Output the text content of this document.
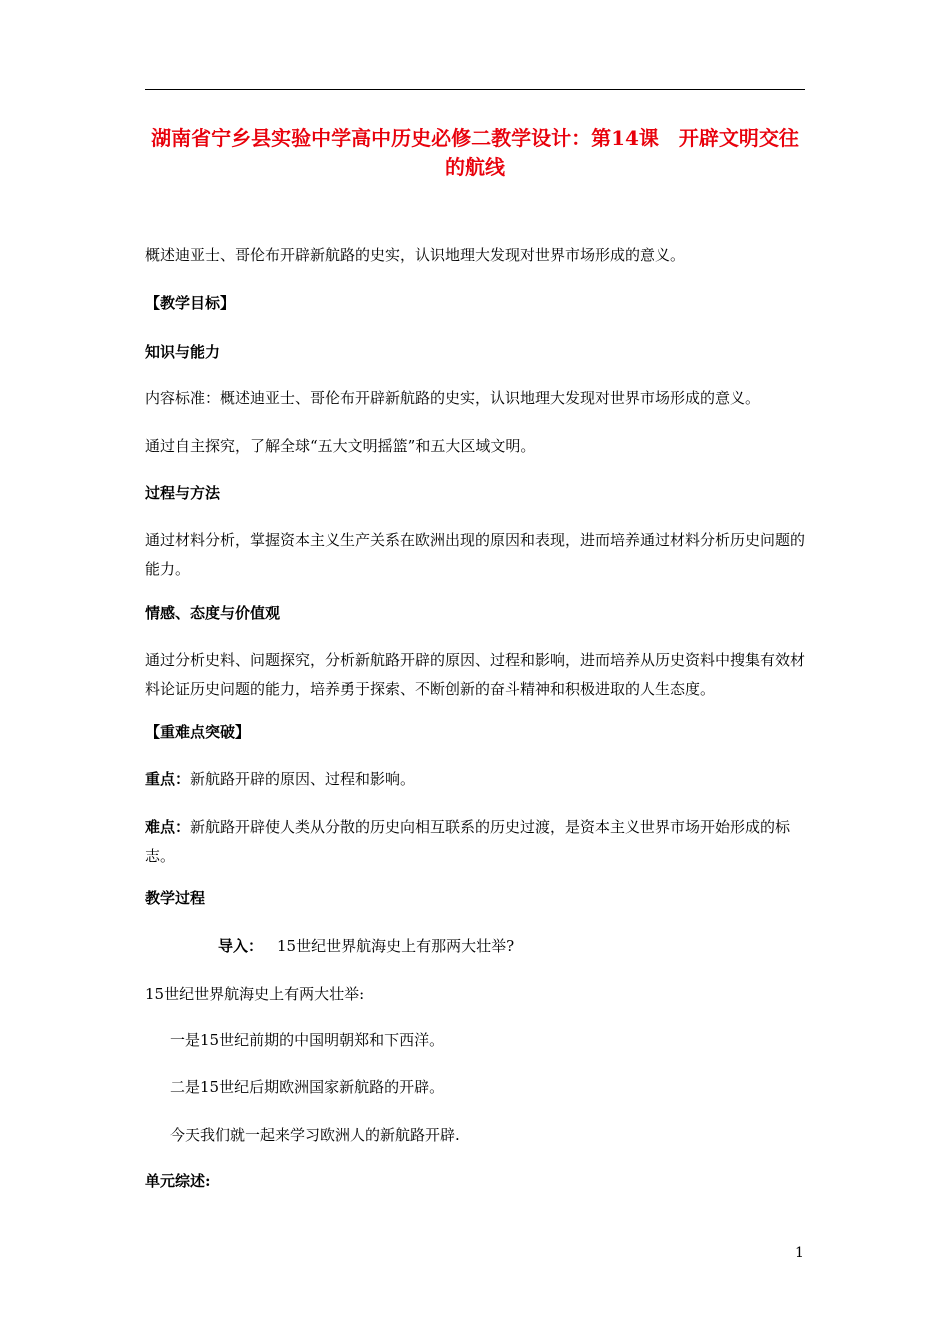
湖南省宁乡县实验中学高中历史必修二教学设计：第14课　开辟文明交往的航线
概述迪亚士、哥伦布开辟新航路的史实，认识地理大发现对世界市场形成的意义。
【教学目标】
知识与能力
内容标准：概述迪亚士、哥伦布开辟新航路的史实，认识地理大发现对世界市场形成的意义。
通过自主探究，了解全球“五大文明摇篮”和五大区域文明。
过程与方法
通过材料分析，掌握资本主义生产关系在欧洲出现的原因和表现，进而培养通过材料分析历史问题的能力。
情感、态度与价值观
通过分析史料、问题探究，分析新航路开辟的原因、过程和影响，进而培养从历史资料中搜集有效材料论证历史问题的能力，培养勇于探索、不断创新的奋斗精神和积极进取的人生态度。
【重难点突破】
重点：新航路开辟的原因、过程和影响。
难点：新航路开辟使人类从分散的历史向相互联系的历史过渡，是资本主义世界市场开始形成的标志。
教学过程
导入： 15世纪世界航海史上有那两大壮举?
15世纪世界航海史上有两大壮举:
一是15世纪前期的中国明朝郑和下西洋。
二是15世纪后期欧洲国家新航路的开辟。
今天我们就一起来学习欧洲人的新航路开辟.
单元综述:
1
